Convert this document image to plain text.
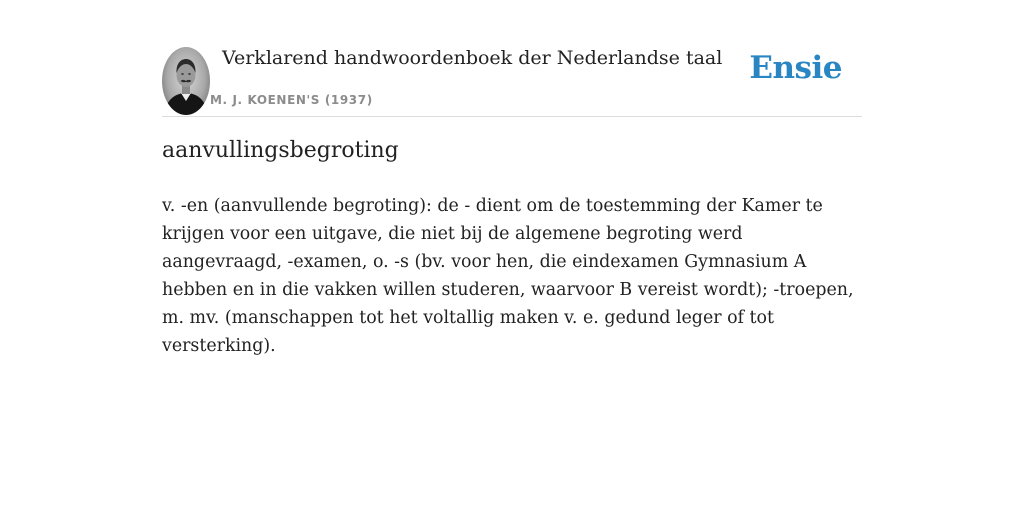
Verklarend handwoordenboek der Nederlandse taal
M. J. KOENEN'S (1937)
Ensie
aanvullingsbegroting

v. -en (aanvullende begroting): de - dient om de toestemming der Kamer te krijgen voor een uitgave, die niet bij de algemene begroting werd aangevraagd, -examen, o. -s (bv. voor hen, die eindexamen Gymnasium A hebben en in die vakken willen studeren, waarvoor B vereist wordt); -troepen, m. mv. (manschappen tot het voltallig maken v. e. gedund leger of tot versterking).
